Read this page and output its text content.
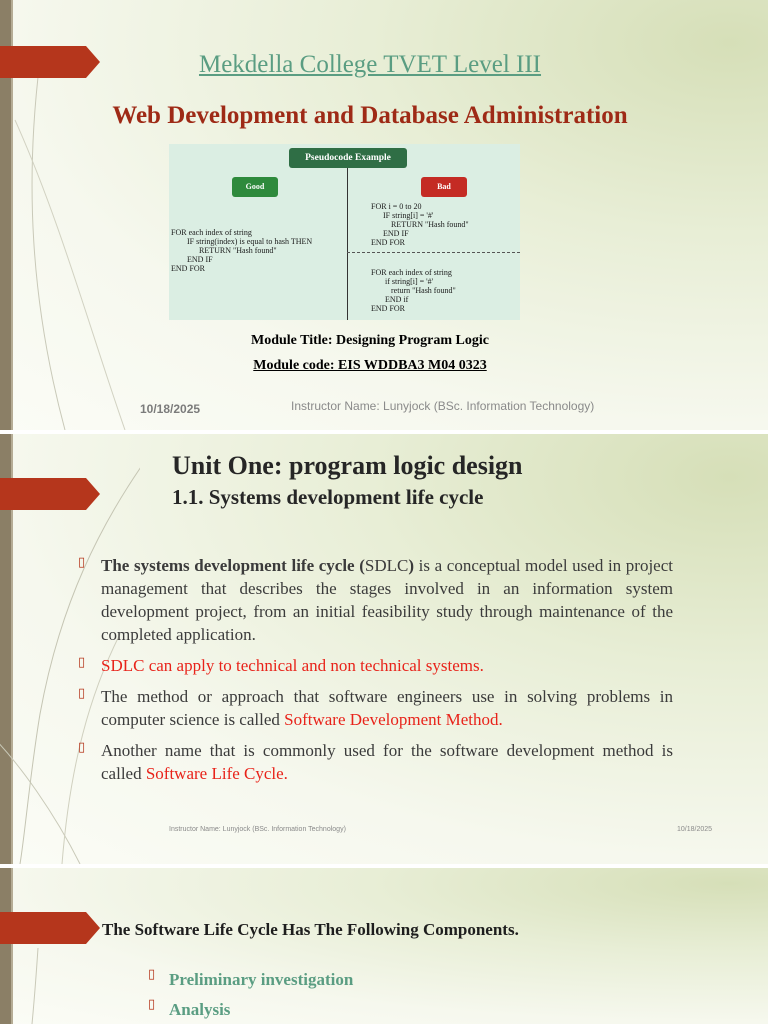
Mekdella College TVET Level III
Web Development and Database Administration
Pseudocode Example
Good	Bad
FOR each index of string
IF string(index) is equal to hash THEN
RETURN "Hash found"
END IF
END FOR
FOR i = 0 to 20
IF string[i] = '#'
RETURN "Hash found"
END IF
END FOR
FOR each index of string
if string[i] = '#'
return "Hash found"
END if
END FOR
Module Title: Designing Program Logic
Module code: EIS WDDBA3 M04 0323
10/18/2025	Instructor Name: Lunyjock (BSc. Information Technology)
Unit One: program logic design
1.1. Systems development life cycle
▯ The systems development life cycle (SDLC) is a conceptual model used in project management that describes the stages involved in an information system development project, from an initial feasibility study through maintenance of the completed application.
▯ SDLC can apply to technical and non technical systems.
▯ The method or approach that software engineers use in solving problems in computer science is called Software Development Method.
▯ Another name that is commonly used for the software development method is called Software Life Cycle.
Instructor Name: Lunyjock (BSc. Information Technology)	10/18/2025
The Software Life Cycle Has The Following Components.
▯ Preliminary investigation
▯ Analysis
